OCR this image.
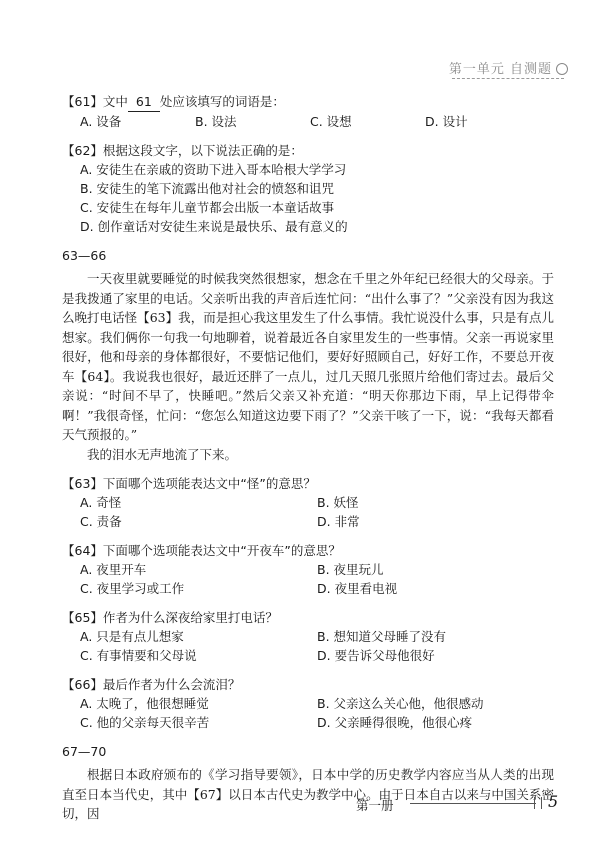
第一单元 自测题

【61】文中 61 处应该填写的词语是：

A. 设备	B. 设法	C. 设想	D. 设计

【62】根据这段文字，以下说法正确的是：

A. 安徒生在亲戚的资助下进入哥本哈根大学学习
B. 安徒生的笔下流露出他对社会的愤怒和诅咒
C. 安徒生在每年儿童节都会出版一本童话故事
D. 创作童话对安徒生来说是最快乐、最有意义的
63—66

一天夜里就要睡觉的时候我突然很想家，想念在千里之外年纪已经很大的父母亲。于是我拨通了家里的电话。父亲听出我的声音后连忙问：“出什么事了？”父亲没有因为我这么晚打电话怪【63】我，而是担心我这里发生了什么事情。我忙说没什么事，只是有点儿想家。我们俩你一句我一句地聊着，说着最近各自家里发生的一些事情。父亲一再说家里很好，他和母亲的身体都很好，不要惦记他们，要好好照顾自己，好好工作，不要总开夜车【64】。我说我也很好，最近还胖了一点儿，过几天照几张照片给他们寄过去。最后父亲说：“时间不早了，快睡吧。”然后父亲又补充道：“明天你那边下雨，早上记得带伞啊！”我很奇怪，忙问：“您怎么知道这边要下雨了？”父亲干咳了一下，说：“我每天都看天气预报的。”

我的泪水无声地流了下来。

【63】下面哪个选项能表达文中“怪”的意思？

A. 奇怪	B. 妖怪
C. 责备	D. 非常

【64】下面哪个选项能表达文中“开夜车”的意思？

A. 夜里开车	B. 夜里玩儿
C. 夜里学习或工作	D. 夜里看电视

【65】作者为什么深夜给家里打电话？

A. 只是有点儿想家	B. 想知道父母睡了没有
C. 有事情要和父母说	D. 要告诉父母他很好

【66】最后作者为什么会流泪？

A. 太晚了，他很想睡觉	B. 父亲这么关心他，他很感动
C. 他的父亲每天很辛苦	D. 父亲睡得很晚，他很心疼
67—70

根据日本政府颁布的《学习指导要领》，日本中学的历史教学内容应当从人类的出现直至日本当代史，其中【67】以日本古代史为教学中心。由于日本自古以来与中国关系密切，因

第一册	5
